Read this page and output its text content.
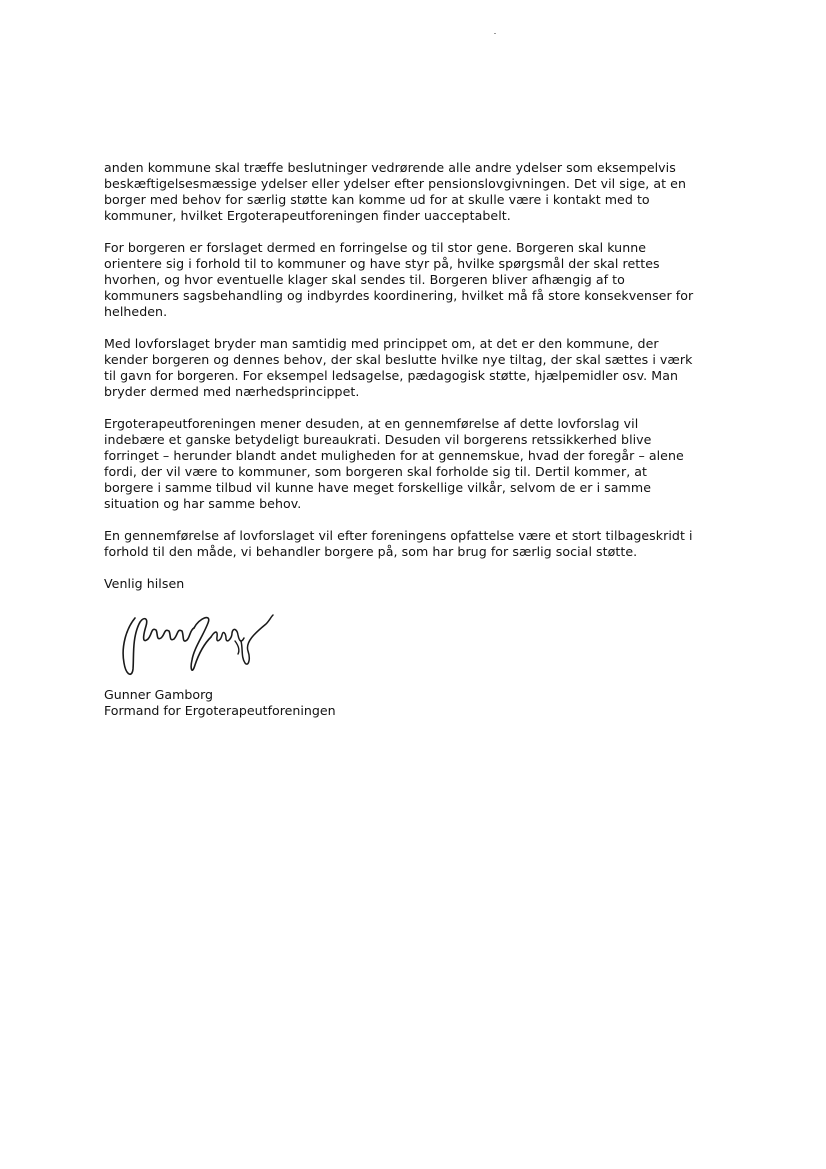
anden kommune skal træffe beslutninger vedrørende alle andre ydelser som eksempelvis
beskæftigelsesmæssige ydelser eller ydelser efter pensionslovgivningen. Det vil sige, at en
borger med behov for særlig støtte kan komme ud for at skulle være i kontakt med to
kommuner, hvilket Ergoterapeutforeningen finder uacceptabelt.
For borgeren er forslaget dermed en forringelse og til stor gene. Borgeren skal kunne
orientere sig i forhold til to kommuner og have styr på, hvilke spørgsmål der skal rettes
hvorhen, og hvor eventuelle klager skal sendes til. Borgeren bliver afhængig af to
kommuners sagsbehandling og indbyrdes koordinering, hvilket må få store konsekvenser for
helheden.
Med lovforslaget bryder man samtidig med princippet om, at det er den kommune, der
kender borgeren og dennes behov, der skal beslutte hvilke nye tiltag, der skal sættes i værk
til gavn for borgeren. For eksempel ledsagelse, pædagogisk støtte, hjælpemidler osv. Man
bryder dermed med nærhedsprincippet.
Ergoterapeutforeningen mener desuden, at en gennemførelse af dette lovforslag vil
indebære et ganske betydeligt bureaukrati. Desuden vil borgerens retssikkerhed blive
forringet – herunder blandt andet muligheden for at gennemskue, hvad der foregår – alene
fordi, der vil være to kommuner, som borgeren skal forholde sig til. Dertil kommer, at
borgere i samme tilbud vil kunne have meget forskellige vilkår, selvom de er i samme
situation og har samme behov.
En gennemførelse af lovforslaget vil efter foreningens opfattelse være et stort tilbageskridt i
forhold til den måde, vi behandler borgere på, som har brug for særlig social støtte.

Venlig hilsen

Gunner Gamborg
Formand for Ergoterapeutforeningen
